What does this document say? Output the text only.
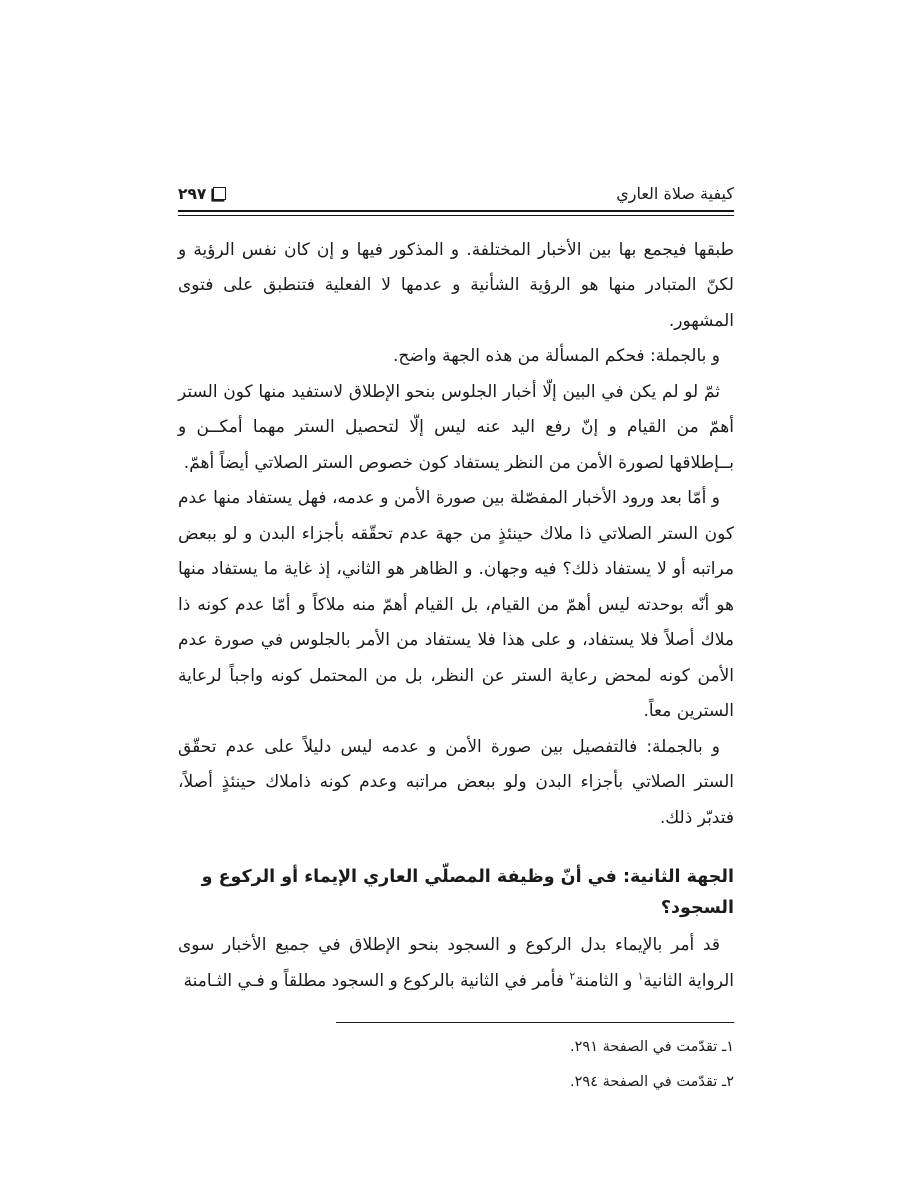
كيفية صلاة العاري
٢٩٧

طبقها فيجمع بها بين الأخبار المختلفة. و المذكور فيها و إن كان نفس الرؤية و لكنّ المتبادر منها هو الرؤية الشأنية و عدمها لا الفعلية فتنطبق على فتوى المشهور.

و بالجملة: فحكم المسألة من هذه الجهة واضح.

ثمّ لو لم يكن في البين إلّا أخبار الجلوس بنحو الإطلاق لاستفيد منها كون الستر أهمّ من القيام و إنّ رفع اليد عنه ليس إلّا لتحصيل الستر مهما أمكــن و بــإطلاقها لصورة الأمن من النظر يستفاد كون خصوص الستر الصلاتي أيضاً أهمّ.

و أمّا بعد ورود الأخبار المفصّلة بين صورة الأمن و عدمه، فهل يستفاد منها عدم كون الستر الصلاتي ذا ملاك حينئذٍ من جهة عدم تحقّقه بأجزاء البدن و لو ببعض مراتبه أو لا يستفاد ذلك؟ فيه وجهان. و الظاهر هو الثاني، إذ غاية ما يستفاد منها هو أنّه بوحدته ليس أهمّ من القيام، بل القيام أهمّ منه ملاكاً و أمّا عدم كونه ذا ملاك أصلاً فلا يستفاد، و على هذا فلا يستفاد من الأمر بالجلوس في صورة عدم الأمن كونه لمحض رعاية الستر عن النظر، بل من المحتمل كونه واجباً لرعاية السترين معاً.

و بالجملة: فالتفصيل بين صورة الأمن و عدمه ليس دليلاً على عدم تحقّق الستر الصلاتي بأجزاء البدن ولو ببعض مراتبه وعدم كونه ذاملاك حينئذٍ أصلاً، فتدبّر ذلك.

الجهة الثانية: في أنّ وظيفة المصلّي العاري الإيماء أو الركوع و السجود؟

قد أمر بالإيماء بدل الركوع و السجود بنحو الإطلاق في جميع الأخبار سوى الرواية الثانية$^١$ و الثامنة$^٢$ فأمر في الثانية بالركوع و السجود مطلقاً و فـي الثـامنة

١ـ تقدّمت في الصفحة ٢٩١.
٢ـ تقدّمت في الصفحة ٢٩٤.
